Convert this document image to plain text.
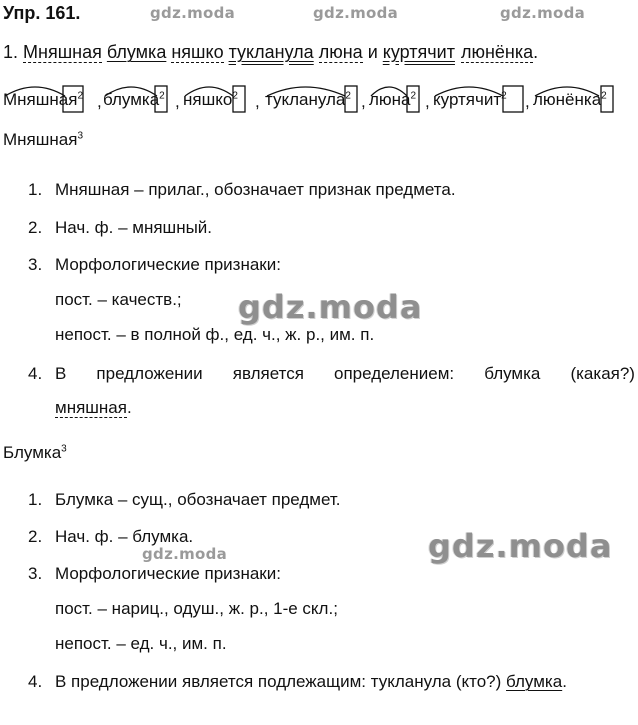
Упр. 161.	gdz.moda	gdz.moda	gdz.moda
1. Мняшная блумка няшко тукланула люна и куртячит люнёнка.
Мняшная$^2$ , блумка$^2$ , няшко$^2$ , тукланула$^2$ , люна$^2$ , куртячит$^2$ , люнёнка$^2$
Мняшная$^3$
1. Мняшная – прилаг., обозначает признак предмета.
2. Нач. ф. – мняшный.
3. Морфологические признаки:
пост. – качеств.;
непост. – в полной ф., ед. ч., ж. р., им. п.
4. В предложении является определением: блумка (какая?)
мняшная.
gdz.moda
Блумка$^3$
1. Блумка – сущ., обозначает предмет.
2. Нач. ф. – блумка.
3. Морфологические признаки:
пост. – нариц., одуш., ж. р., 1-е скл.;
непост. – ед. ч., им. п.
4. В предложении является подлежащим: тукланула (кто?) блумка.
gdz.moda	gdz.moda
